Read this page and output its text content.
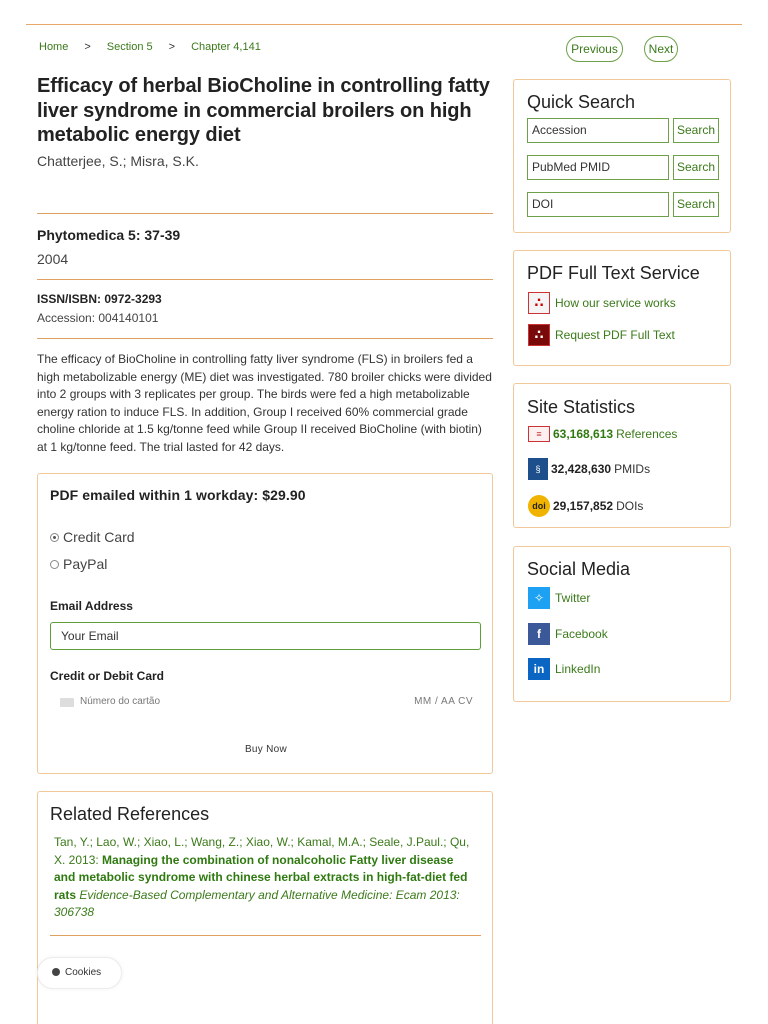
Home > Section 5 > Chapter 4,141	Previous	Next
Efficacy of herbal BioCholine in controlling fatty liver syndrome in commercial broilers on high metabolic energy diet
Chatterjee, S.; Misra, S.K.
Phytomedica 5: 37-39
2004
ISSN/ISBN: 0972-3293
Accession: 004140101
The efficacy of BioCholine in controlling fatty liver syndrome (FLS) in broilers fed a high metabolizable energy (ME) diet was investigated. 780 broiler chicks were divided into 2 groups with 3 replicates per group. The birds were fed a high metabolizable energy ration to induce FLS. In addition, Group I received 60% commercial grade choline chloride at 1.5 kg/tonne feed while Group II received BioCholine (with biotin) at 1 kg/tonne feed. The trial lasted for 42 days.
PDF emailed within 1 workday: $29.90
Credit Card
PayPal
Email Address
Your Email
Credit or Debit Card
Número do cartão	MM / AA CV
Buy Now
Related References
Tan, Y.; Lao, W.; Xiao, L.; Wang, Z.; Xiao, W.; Kamal, M.A.; Seale, J.Paul.; Qu, X. 2013: Managing the combination of nonalcoholic Fatty liver disease and metabolic syndrome with chinese herbal extracts in high-fat-diet fed rats Evidence-Based Complementary and Alternative Medicine: Ecam 2013: 306738
Cookies
Quick Search
Accession	Search
PubMed PMID	Search
DOI	Search
PDF Full Text Service
∴ How our service works
∴ Request PDF Full Text
Site Statistics
≡ 63,168,613 References
§ 32,428,630 PMIDs
doi 29,157,852 DOIs
Social Media
✧ Twitter
f	Facebook
in LinkedIn
